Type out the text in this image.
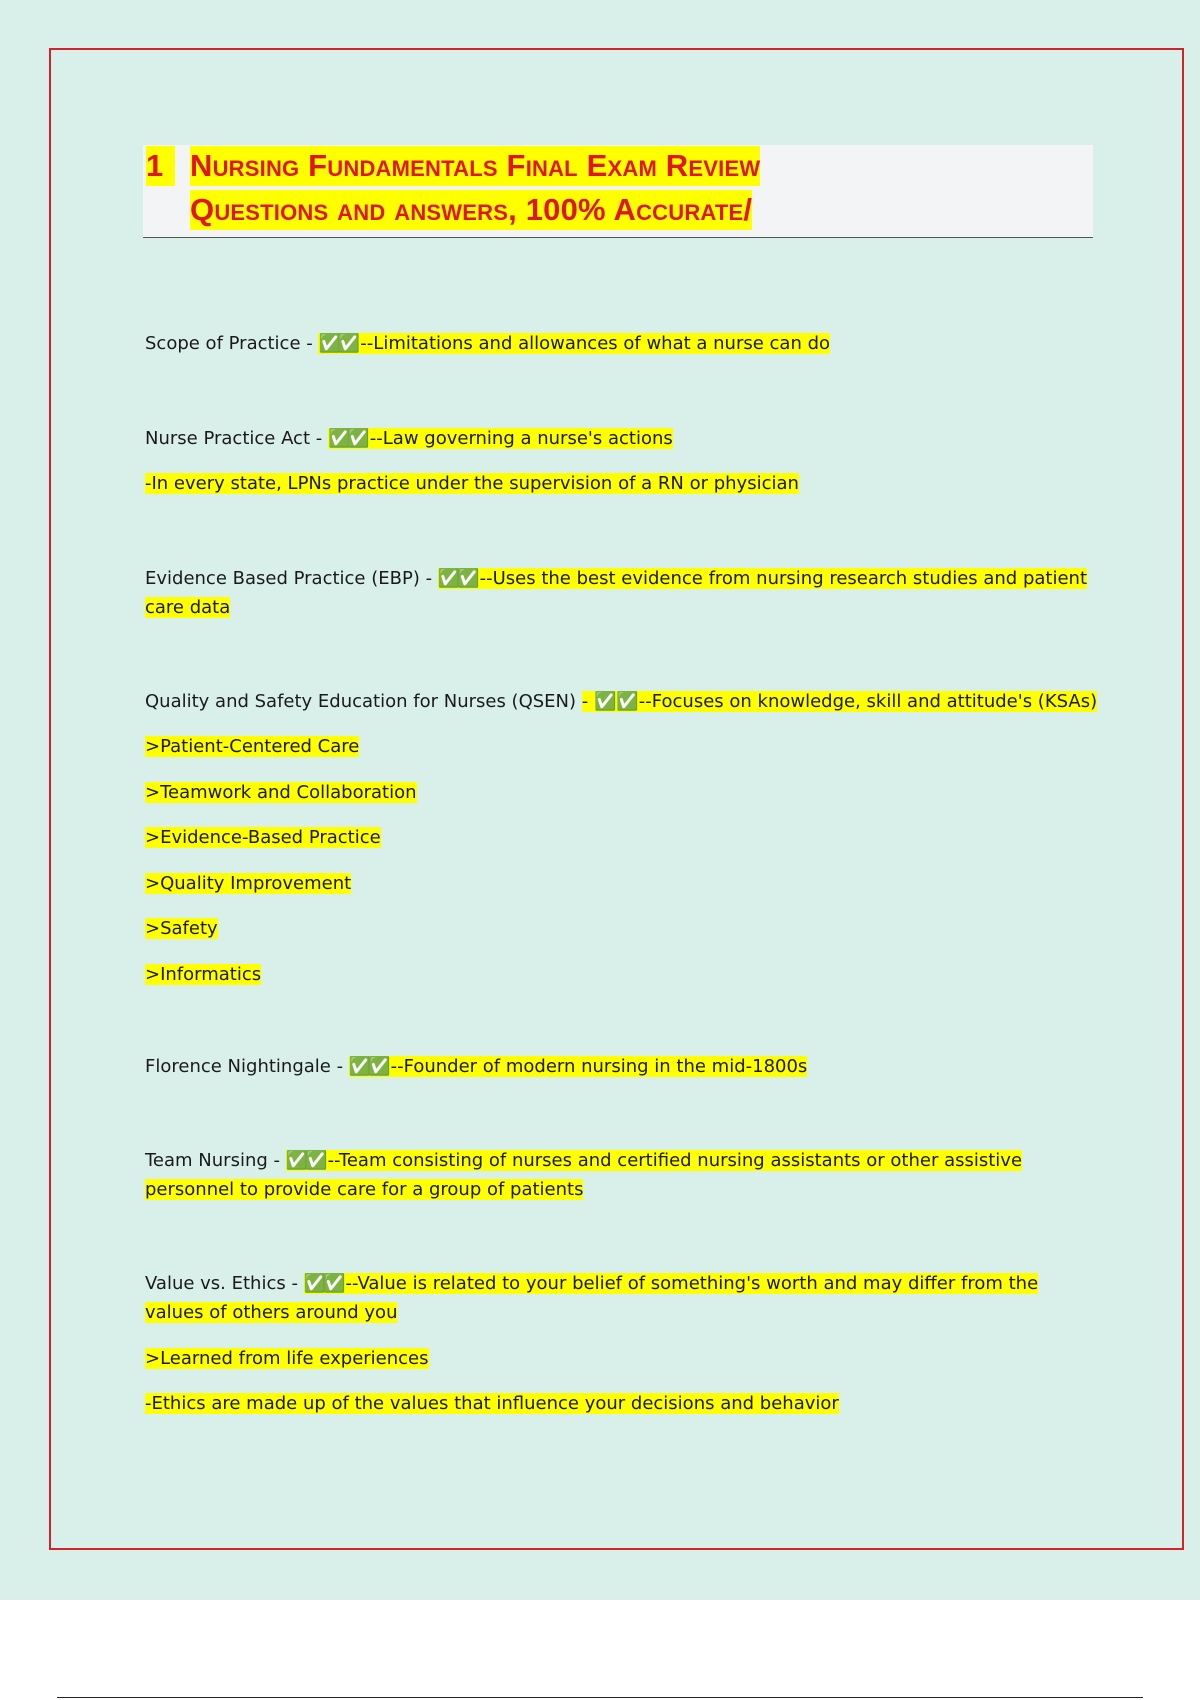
1 Nursing Fundamentals Final Exam Review
Questions and answers, 100% Accurate/
Scope of Practice - ✅✅ --Limitations and allowances of what a nurse can do
Nurse Practice Act - ✅✅ --Law governing a nurse's actions
-In every state, LPNs practice under the supervision of a RN or physician
Evidence Based Practice (EBP) - ✅✅ --Uses the best evidence from nursing research studies and patient
care data
Quality and Safety Education for Nurses (QSEN) - ✅✅--Focuses on knowledge, skill and attitude's (KSAs)
>Patient-Centered Care
>Teamwork and Collaboration
>Evidence-Based Practice
>Quality Improvement
>Safety
>Informatics
Florence Nightingale - ✅✅ --Founder of modern nursing in the mid-1800s
Team Nursing - ✅✅ --Team consisting of nurses and certified nursing assistants or other assistive
personnel to provide care for a group of patients
Value vs. Ethics - ✅✅ --Value is related to your belief of something's worth and may differ from the
values of others around you
>Learned from life experiences
-Ethics are made up of the values that influence your decisions and behavior
